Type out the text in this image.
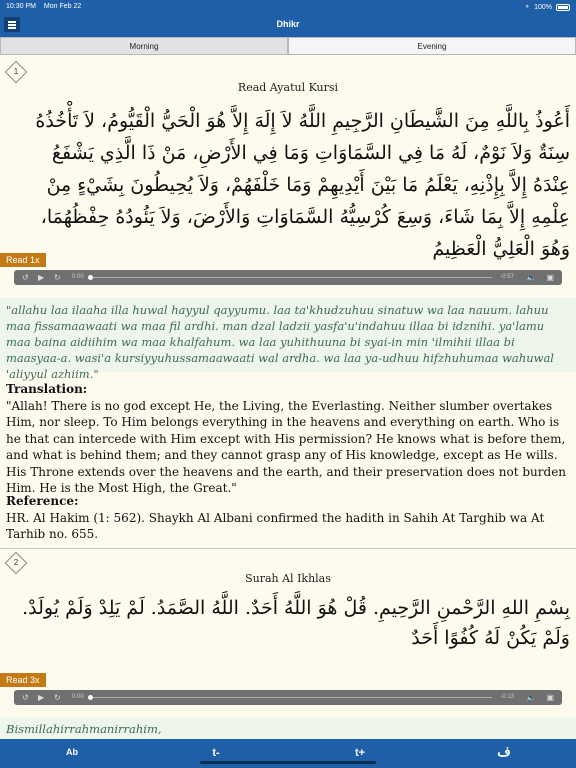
10:30 PM Mon Feb 22	⚬ 100%
Dhikr
Morning	Evening
1
Read Ayatul Kursi
أَعُوذُ بِاللَّهِ مِنَ الشَّيطَانِ الرَّجِيمِ اللَّهُ لاَ إِلَهَ إِلاَّ هُوَ الْحَيُّ الْقَيُّومُ، لاَ تَأْخُذُهُ سِنَةٌ وَلاَ نَوْمٌ، لَهُ مَا فِي السَّمَاوَاتِ وَمَا فِي الأَرْضِ، مَنْ ذَا الَّذِي يَشْفَعُ عِنْدَهُ إِلاَّ بِإِذْنِهِ، يَعْلَمُ مَا بَيْنَ أَيْدِيهِمْ وَمَا خَلْفَهُمْ، وَلاَ يُحِيطُونَ بِشَيْءٍ مِنْ عِلْمِهِ إِلاَّ بِمَا شَاءَ، وَسِعَ كُرْسِيُّهُ السَّمَاوَاتِ وَالأَرْضَ، وَلاَ يَئُودُهُ حِفْظُهُمَا، وَهُوَ الْعَلِيُّ الْعَظِيمُ
Read 1x
↺ ▶ ↻ 0:00	-0:57 🔈 ▣
"allahu laa ilaaha illa huwal hayyul qayyumu. laa ta'khudzuhuu sinatuw wa laa nauum. lahuu maa fissamaawaati wa maa fil ardhi. man dzal ladzii yasfa'u'indahuu illaa bi idznihi. ya'lamu maa baina aidiihim wa maa khalfahum. wa laa yuhithuuna bi syai-in min 'ilmihii illaa bi maasyaa-a. wasi'a kursiyyuhussamaawaati wal ardha. wa laa ya-udhuu hifzhuhumaa wahuwal 'aliyyul azhiim."
Translation:
"Allah! There is no god except He, the Living, the Everlasting. Neither slumber overtakes Him, nor sleep. To Him belongs everything in the heavens and everything on earth. Who is he that can intercede with Him except with His permission? He knows what is before them, and what is behind them; and they cannot grasp any of His knowledge, except as He wills. His Throne extends over the heavens and the earth, and their preservation does not burden Him. He is the Most High, the Great."
Reference:
HR. Al Hakim (1: 562). Shaykh Al Albani confirmed the hadith in Sahih At Targhib wa At Tarhib no. 655.
2
Surah Al Ikhlas
بِسْمِ اللهِ الرَّحْمنِ الرَّحِيمِ. قُلْ هُوَ اللَّهُ أَحَدٌ. اللَّهُ الصَّمَدُ. لَمْ يَلِدْ وَلَمْ يُولَدْ. وَلَمْ يَكُنْ لَهُ كُفُوًا أَحَدٌ
Read 3x
↺ ▶ ↻ 0:00	-0:13 🔈 ▣
Bismillahirrahmanirrahim,
Ab	t-	t+	ف
